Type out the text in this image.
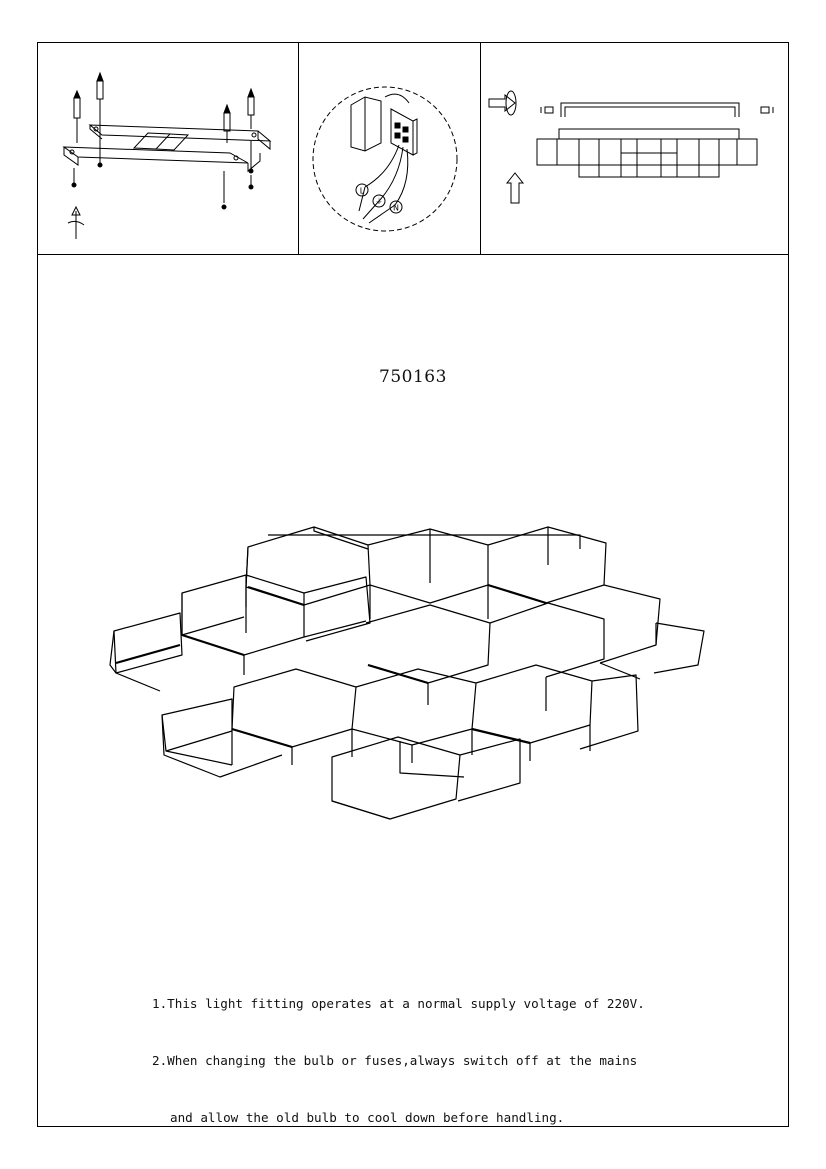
L
⏚
N
750163

1.This light fitting operates at a normal supply voltage of 220V.

2.When changing the bulb or fuses,always switch off at the mains

and allow the old bulb to cool down before handling.
